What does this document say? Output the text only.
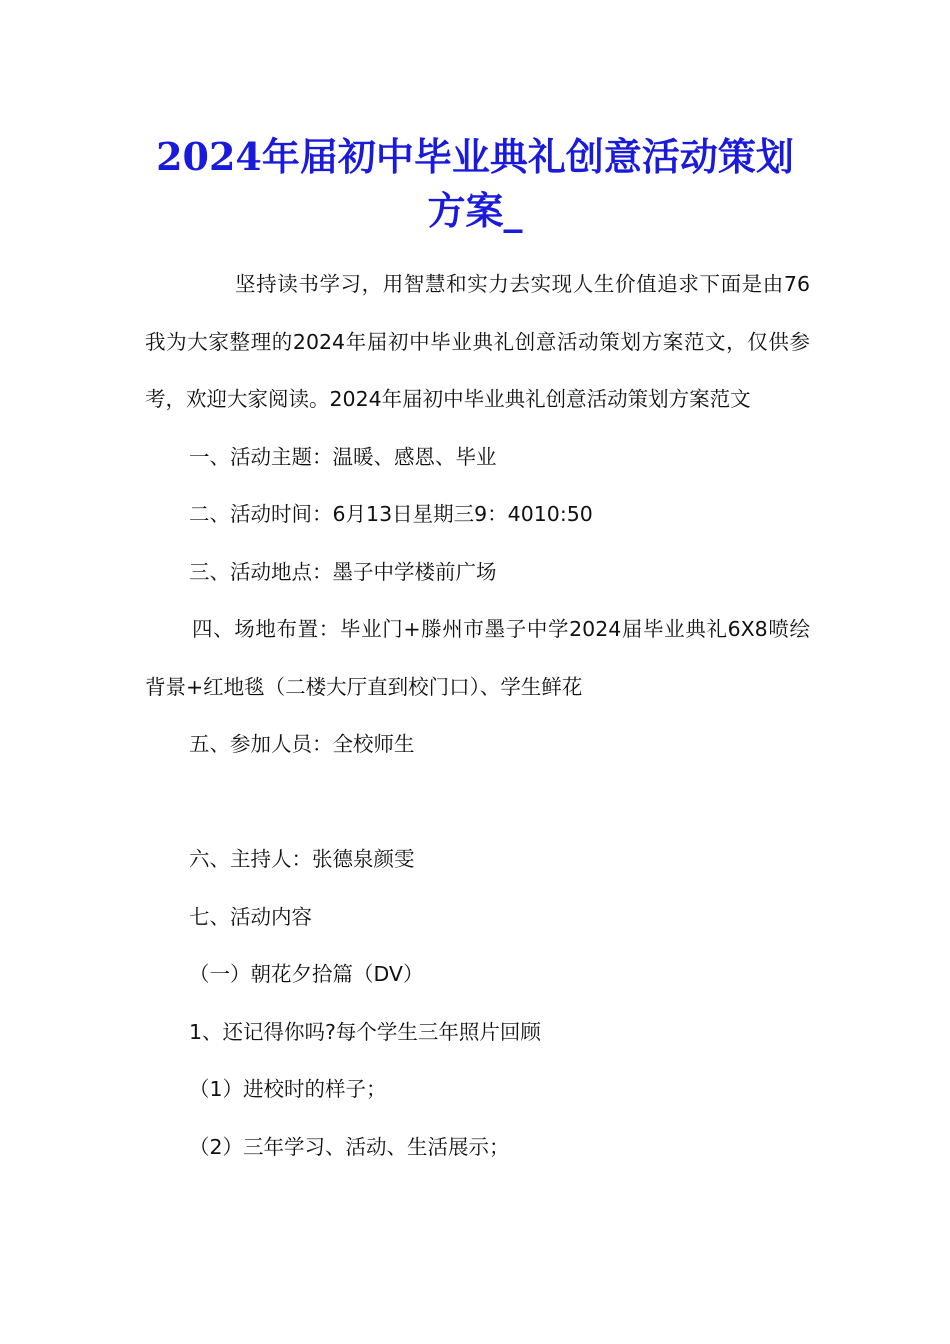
2024年届初中毕业典礼创意活动策划方案_

坚持读书学习，用智慧和实力去实现人生价值追求下面是由76我为大家整理的2024年届初中毕业典礼创意活动策划方案范文，仅供参考，欢迎大家阅读。2024年届初中毕业典礼创意活动策划方案范文

一、活动主题：温暖、感恩、毕业

二、活动时间：6月13日星期三9：4010:50

三、活动地点：墨子中学楼前广场

四、场地布置：毕业门+滕州市墨子中学2024届毕业典礼6X8喷绘背景+红地毯（二楼大厅直到校门口）、学生鲜花

五、参加人员：全校师生

六、主持人：张德泉颜雯

七、活动内容

（一）朝花夕拾篇（DV）

1、还记得你吗?每个学生三年照片回顾

（1）进校时的样子；

（2）三年学习、活动、生活展示；
